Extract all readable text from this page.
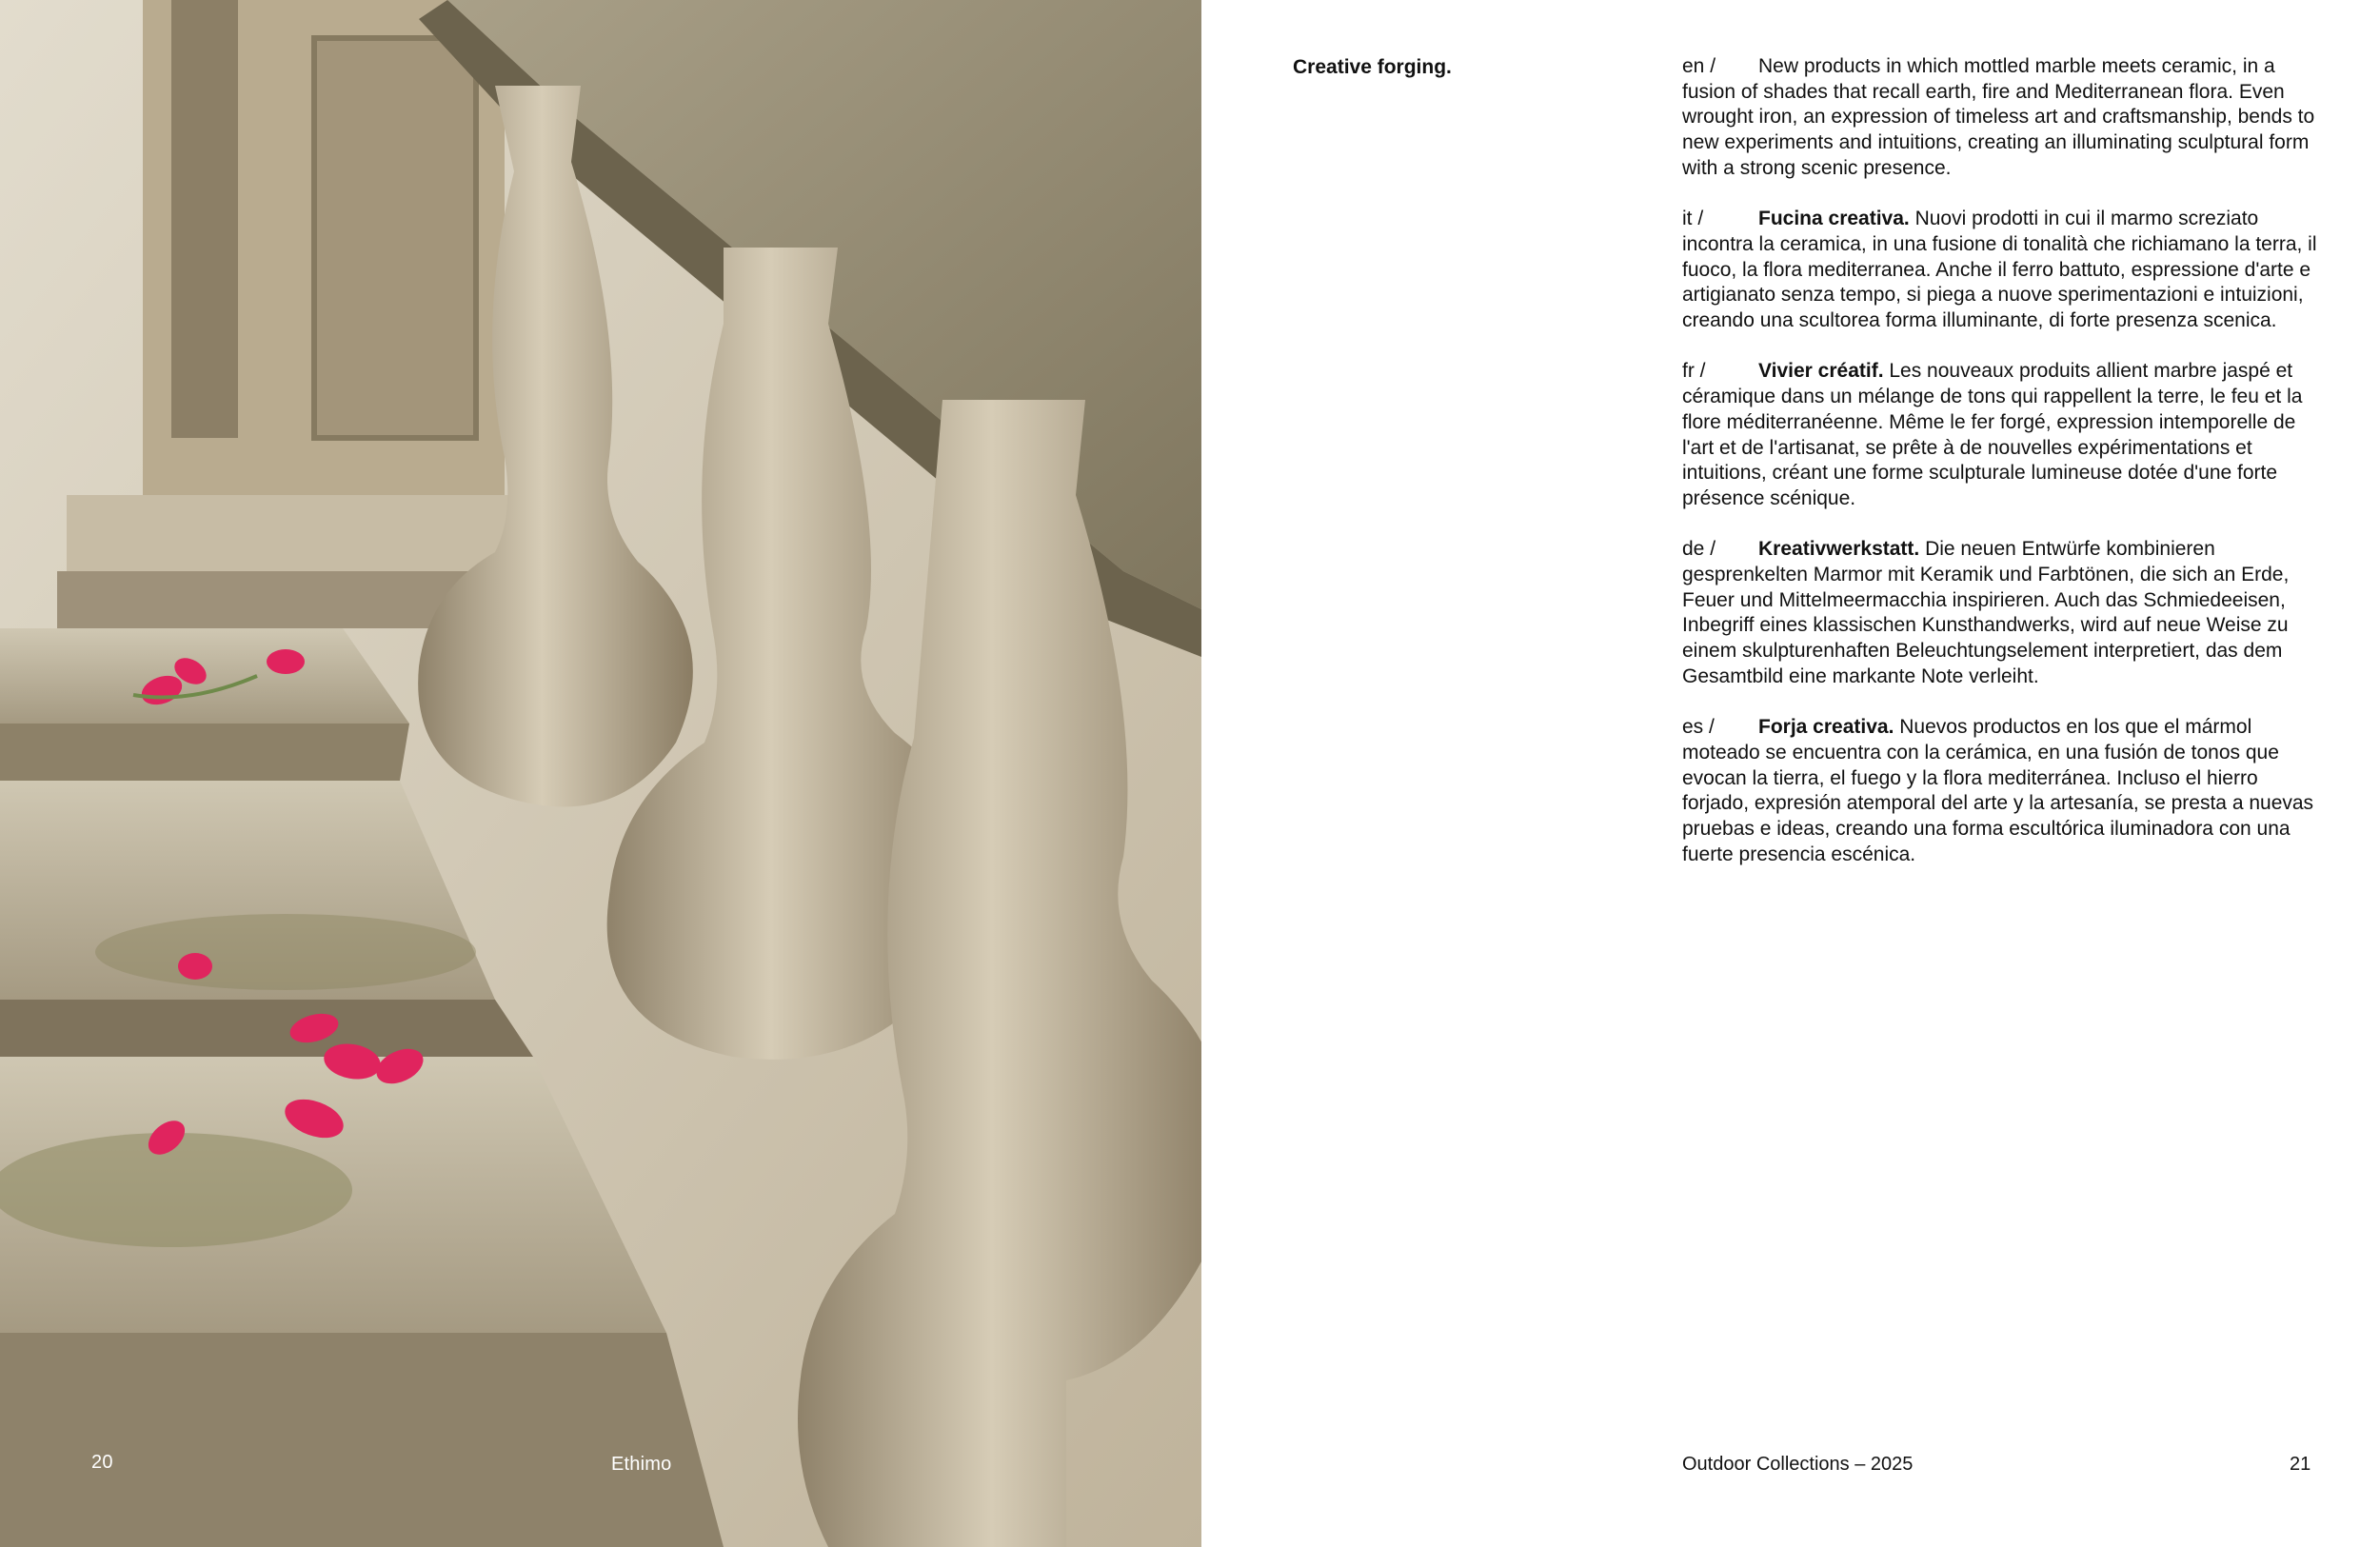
20	Ethimo
Creative forging.	en / New products in which mottled marble meets ceramic, in a fusion of shades that recall earth, fire and Mediterranean flora. Even wrought iron, an expression of timeless art and craftsmanship, bends to new experiments and intuitions, creating an illuminating sculptural form with a strong scenic presence.

it /	Fucina creativa. Nuovi prodotti in cui il marmo screziato incontra la ceramica, in una fusione di tonalità che richiamano la terra, il fuoco, la flora mediterranea. Anche il ferro battuto, espressione d'arte e artigianato senza tempo, si piega a nuove sperimentazioni e intuizioni, creando una scultorea forma illuminante, di forte presenza scenica.

fr /	Vivier créatif. Les nouveaux produits allient marbre jaspé et céramique dans un mélange de tons qui rappellent la terre, le feu et la flore méditerranéenne. Même le fer forgé, expression intemporelle de l'art et de l'artisanat, se prête à de nouvelles expérimentations et intuitions, créant une forme sculpturale lumineuse dotée d'une forte présence scénique.

de / Kreativwerkstatt. Die neuen Entwürfe kombinieren gesprenkelten Marmor mit Keramik und Farbtönen, die sich an Erde, Feuer und Mittelmeermacchia inspirieren. Auch das Schmiedeeisen, Inbegriff eines klassischen Kunsthandwerks, wird auf neue Weise zu einem skulpturenhaften Beleuchtungselement interpretiert, das dem Gesamtbild eine markante Note verleiht.

es / Forja creativa. Nuevos productos en los que el mármol moteado se encuentra con la cerámica, en una fusión de tonos que evocan la tierra, el fuego y la flora mediterránea. Incluso el hierro forjado, expresión atemporal del arte y la artesanía, se presta a nuevas pruebas e ideas, creando una forma escultórica iluminadora con una fuerte presencia escénica.

Outdoor Collections – 2025	21
